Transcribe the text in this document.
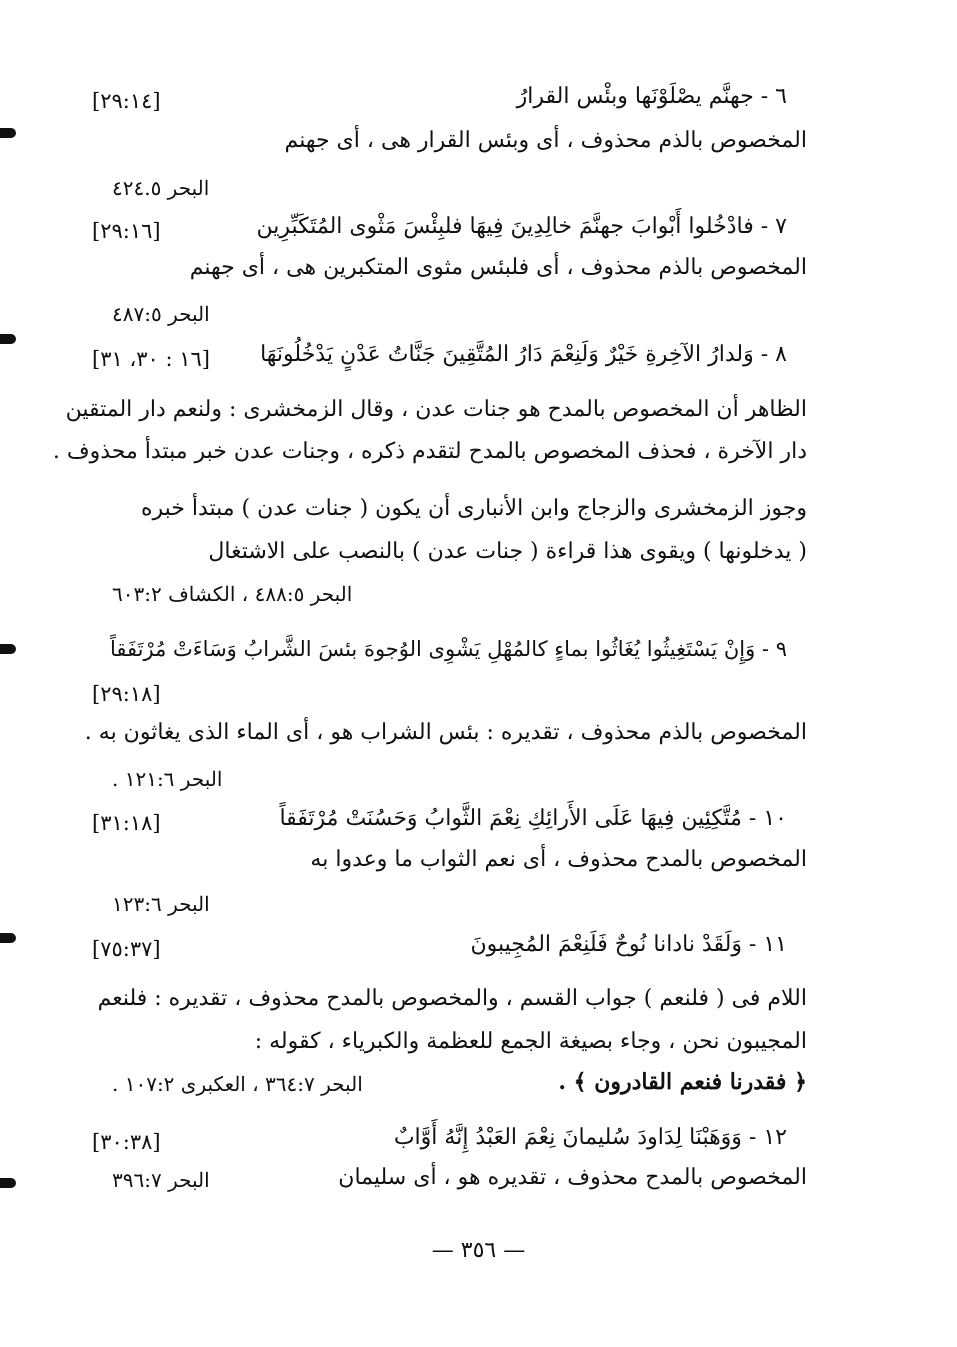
٦ - جهنَّم يصْلَوْنَها وبئْس القرارُ
[٢٩:١٤]
المخصوص بالذم محذوف ، أى وبئس القرار هى ، أى جهنم
البحر ٤٢٤.٥
٧ - فادْخُلوا أَبْوابَ جهنَّمَ خالِدِينَ فِيهَا فلبِئْسَ مَثْوى المُتَكَبِّرِين
[٢٩:١٦]
المخصوص بالذم محذوف ، أى فلبئس مثوى المتكبرين هى ، أى جهنم
البحر ٤٨٧:٥
٨ - وَلدارُ الآخِرةِ خَيْرٌ وَلَنِعْمَ دَارُ المُتَّقِينَ جَنَّاتُ عَدْنٍ يَدْخُلُونَهَا
[١٦ : ٣٠، ٣١]
الظاهر أن المخصوص بالمدح هو جنات عدن ، وقال الزمخشرى : ولنعم دار المتقين
دار الآخرة ، فحذف المخصوص بالمدح لتقدم ذكره ، وجنات عدن خبر مبتدأ محذوف .
وجوز الزمخشرى والزجاج وابن الأنبارى أن يكون ( جنات عدن ) مبتدأ خبره
( يدخلونها ) ويقوى هذا قراءة ( جنات عدن ) بالنصب على الاشتغال
البحر ٤٨٨:٥ ، الكشاف ٦٠٣:٢
٩ - وَإِنْ يَسْتَغِيثُوا يُغَاثُوا بماءٍ كالمُهْلِ يَشْوِى الوُجوهَ بئسَ الشَّرابُ وَسَاءَتْ مُرْتَفَقاً
[٢٩:١٨]
المخصوص بالذم محذوف ، تقديره : بئس الشراب هو ، أى الماء الذى يغاثون به .
البحر ١٢١:٦ .
١٠ - مُتَّكِئِين فِيهَا عَلَى الأَرائِكِ نِعْمَ الثَّوابُ وَحَسُنَتْ مُرْتَفَقاً
[٣١:١٨]
المخصوص بالمدح محذوف ، أى نعم الثواب ما وعدوا به
البحر ١٢٣:٦
١١ - وَلَقَدْ نادانا نُوحٌ فَلَنِعْمَ المُجِيبونَ
[٧٥:٣٧]
اللام فى ( فلنعم ) جواب القسم ، والمخصوص بالمدح محذوف ، تقديره : فلنعم
المجيبون نحن ، وجاء بصيغة الجمع للعظمة والكبرياء ، كقوله :
﴿ فقدرنا فنعم القادرون ﴾ .
البحر ٣٦٤:٧ ، العكبرى ١٠٧:٢ .
١٢ - وَوَهَبْنَا لِدَاودَ سُليمانَ نِعْمَ العَبْدُ إِنَّهُ أَوَّابٌ
[٣٠:٣٨]
المخصوص بالمدح محذوف ، تقديره هو ، أى سليمان
البحر ٣٩٦:٧
— ٣٥٦ —
